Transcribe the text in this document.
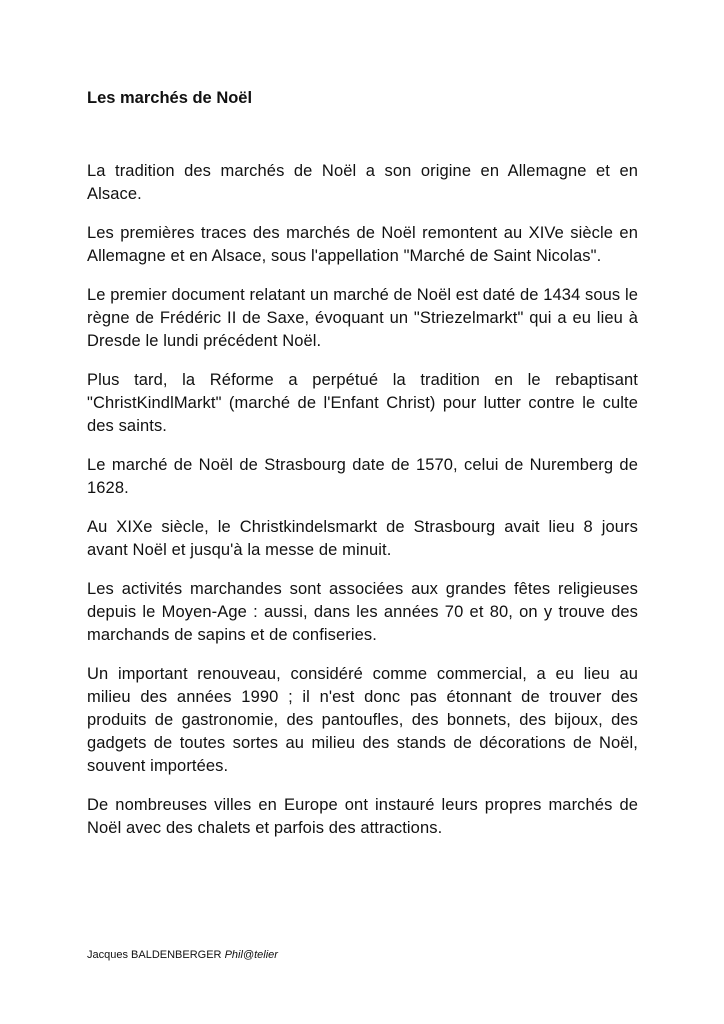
Les marchés de Noël

La tradition des marchés de Noël a son origine en Allemagne et en Alsace.

Les premières traces des marchés de Noël remontent au XIVe siècle en Allemagne et en Alsace, sous l'appellation "Marché de Saint Nicolas".

Le premier document relatant un marché de Noël est daté de 1434 sous le règne de Frédéric II de Saxe, évoquant un "Striezelmarkt" qui a eu lieu à Dresde le lundi précédent Noël.

Plus tard, la Réforme a perpétué la tradition en le rebaptisant "ChristKindlMarkt" (marché de l'Enfant Christ) pour lutter contre le culte des saints.

Le marché de Noël de Strasbourg date de 1570, celui de Nuremberg de 1628.

Au XIXe siècle, le Christkindelsmarkt de Strasbourg avait lieu 8 jours avant Noël et jusqu'à la messe de minuit.

Les activités marchandes sont associées aux grandes fêtes religieuses depuis le Moyen-Age : aussi, dans les années 70 et 80, on y trouve des marchands de sapins et de confiseries.

Un important renouveau, considéré comme commercial, a eu lieu au milieu des années 1990 ; il n'est donc pas étonnant de trouver des produits de gastronomie, des pantoufles, des bonnets, des bijoux, des gadgets de toutes sortes au milieu des stands de décorations de Noël, souvent importées.

De nombreuses villes en Europe ont instauré leurs propres marchés de Noël avec des chalets et parfois des attractions.

Jacques BALDENBERGER Phil@telier
